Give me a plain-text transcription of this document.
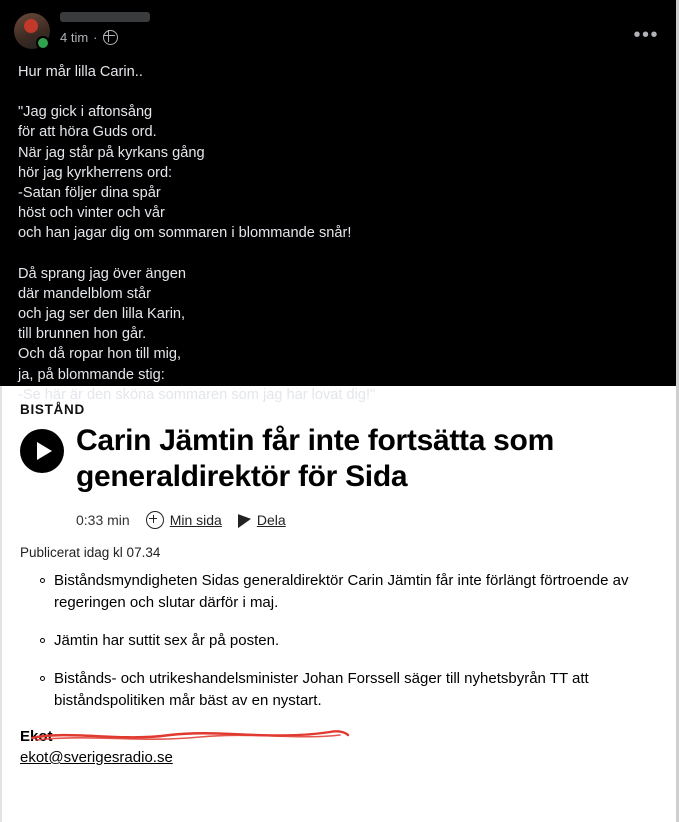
4 tim ·	•••

Hur mår lilla Carin..

"Jag gick i aftonsång

för att höra Guds ord.

När jag står på kyrkans gång

hör jag kyrkherrens ord:

-Satan följer dina spår

höst och vinter och vår

och han jagar dig om sommaren i blommande snår!

Då sprang jag över ängen

där mandelblom står

och jag ser den lilla Karin,

till brunnen hon går.

Och då ropar hon till mig,

ja, på blommande stig:

-Se här är den sköna sommaren som jag har lovat dig!"

BISTÅND
Carin Jämtin får inte fortsätta som generaldirektör för Sida
0:33 min	Min sida	Dela
Publicerat idag kl 07.34
Biståndsmyndigheten Sidas generaldirektör Carin Jämtin får inte förlängt förtroende av regeringen och slutar därför i maj.
Jämtin har suttit sex år på posten.
Bistånds- och utrikeshandelsminister Johan Forssell säger till nyhetsbyrån TT att biståndspolitiken mår bäst av en nystart.
Ekot
ekot@sverigesradio.se
